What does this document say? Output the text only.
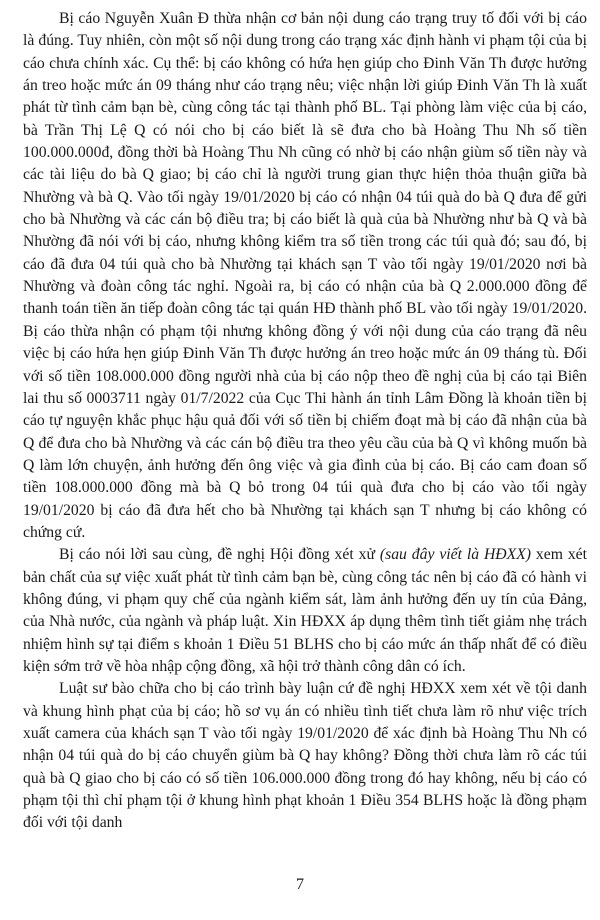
Bị cáo Nguyễn Xuân Đ thừa nhận cơ bản nội dung cáo trạng truy tố đối với bị cáo là đúng. Tuy nhiên, còn một số nội dung trong cáo trạng xác định hành vi phạm tội của bị cáo chưa chính xác. Cụ thể: bị cáo không có hứa hẹn giúp cho Đinh Văn Th được hưởng án treo hoặc mức án 09 tháng như cáo trạng nêu; việc nhận lời giúp Đinh Văn Th là xuất phát từ tình cảm bạn bè, cùng công tác tại thành phố BL. Tại phòng làm việc của bị cáo, bà Trần Thị Lệ Q có nói cho bị cáo biết là sẽ đưa cho bà Hoàng Thu Nh số tiền 100.000.000đ, đồng thời bà Hoàng Thu Nh cũng có nhờ bị cáo nhận giùm số tiền này và các tài liệu do bà Q giao; bị cáo chỉ là người trung gian thực hiện thỏa thuận giữa bà Nhường và bà Q. Vào tối ngày 19/01/2020 bị cáo có nhận 04 túi quà do bà Q đưa để gửi cho bà Nhường và các cán bộ điều tra; bị cáo biết là quà của bà Nhường như bà Q và bà Nhường đã nói với bị cáo, nhưng không kiểm tra số tiền trong các túi quà đó; sau đó, bị cáo đã đưa 04 túi quà cho bà Nhường tại khách sạn T vào tối ngày 19/01/2020 nơi bà Nhường và đoàn công tác nghỉ. Ngoài ra, bị cáo có nhận của bà Q 2.000.000 đồng để thanh toán tiền ăn tiếp đoàn công tác tại quán HĐ thành phố BL vào tối ngày 19/01/2020. Bị cáo thừa nhận có phạm tội nhưng không đồng ý với nội dung của cáo trạng đã nêu việc bị cáo hứa hẹn giúp Đinh Văn Th được hưởng án treo hoặc mức án 09 tháng tù. Đối với số tiền 108.000.000 đồng người nhà của bị cáo nộp theo đề nghị của bị cáo tại Biên lai thu số 0003711 ngày 01/7/2022 của Cục Thi hành án tỉnh Lâm Đồng là khoản tiền bị cáo tự nguyện khắc phục hậu quả đối với số tiền bị chiếm đoạt mà bị cáo đã nhận của bà Q để đưa cho bà Nhường và các cán bộ điều tra theo yêu cầu của bà Q vì không muốn bà Q làm lớn chuyện, ảnh hưởng đến ông việc và gia đình của bị cáo. Bị cáo cam đoan số tiền 108.000.000 đồng mà bà Q bỏ trong 04 túi quà đưa cho bị cáo vào tối ngày 19/01/2020 bị cáo đã đưa hết cho bà Nhường tại khách sạn T nhưng bị cáo không có chứng cứ.

Bị cáo nói lời sau cùng, đề nghị Hội đồng xét xử (sau đây viết là HĐXX) xem xét bản chất của sự việc xuất phát từ tình cảm bạn bè, cùng công tác nên bị cáo đã có hành vi không đúng, vi phạm quy chế của ngành kiểm sát, làm ảnh hưởng đến uy tín của Đảng, của Nhà nước, của ngành và pháp luật. Xin HĐXX áp dụng thêm tình tiết giảm nhẹ trách nhiệm hình sự tại điểm s khoản 1 Điều 51 BLHS cho bị cáo mức án thấp nhất để có điều kiện sớm trở về hòa nhập cộng đồng, xã hội trở thành công dân có ích.

Luật sư bào chữa cho bị cáo trình bày luận cứ đề nghị HĐXX xem xét về tội danh và khung hình phạt của bị cáo; hồ sơ vụ án có nhiều tình tiết chưa làm rõ như việc trích xuất camera của khách sạn T vào tối ngày 19/01/2020 để xác định bà Hoàng Thu Nh có nhận 04 túi quà do bị cáo chuyển giùm bà Q hay không? Đồng thời chưa làm rõ các túi quà bà Q giao cho bị cáo có số tiền 106.000.000 đồng trong đó hay không, nếu bị cáo có phạm tội thì chỉ phạm tội ở khung hình phạt khoản 1 Điều 354 BLHS hoặc là đồng phạm đối với tội danh

7
